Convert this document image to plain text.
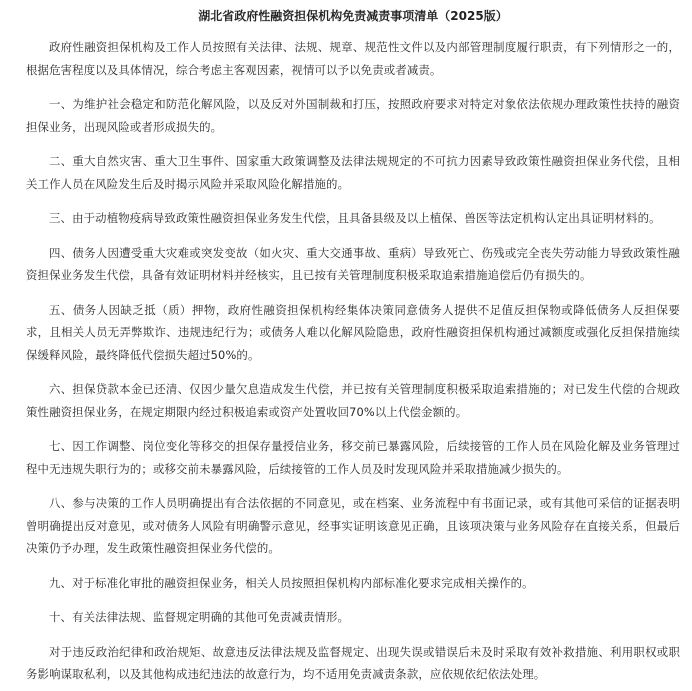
湖北省政府性融资担保机构免责减责事项清单（2025版）

政府性融资担保机构及工作人员按照有关法律、法规、规章、规范性文件以及内部管理制度履行职责，有下列情形之一的，根据危害程度以及具体情况，综合考虑主客观因素，视情可以予以免责或者减责。

一、为维护社会稳定和防范化解风险，以及反对外国制裁和打压，按照政府要求对特定对象依法依规办理政策性扶持的融资担保业务，出现风险或者形成损失的。

二、重大自然灾害、重大卫生事件、国家重大政策调整及法律法规规定的不可抗力因素导致政策性融资担保业务代偿，且相关工作人员在风险发生后及时揭示风险并采取风险化解措施的。

三、由于动植物疫病导致政策性融资担保业务发生代偿，且具备县级及以上植保、兽医等法定机构认定出具证明材料的。

四、债务人因遭受重大灾难或突发变故（如火灾、重大交通事故、重病）导致死亡、伤残或完全丧失劳动能力导致政策性融资担保业务发生代偿，具备有效证明材料并经核实，且已按有关管理制度积极采取追索措施追偿后仍有损失的。

五、债务人因缺乏抵（质）押物，政府性融资担保机构经集体决策同意债务人提供不足值反担保物或降低债务人反担保要求，且相关人员无弄弊欺诈、违规违纪行为；或债务人难以化解风险隐患，政府性融资担保机构通过减额度或强化反担保措施续保缓释风险，最终降低代偿损失超过50%的。

六、担保贷款本金已还清、仅因少量欠息造成发生代偿，并已按有关管理制度积极采取追索措施的；对已发生代偿的合规政策性融资担保业务，在规定期限内经过积极追索或资产处置收回70%以上代偿金额的。

七、因工作调整、岗位变化等移交的担保存量授信业务，移交前已暴露风险，后续接管的工作人员在风险化解及业务管理过程中无违规失职行为的；或移交前未暴露风险，后续接管的工作人员及时发现风险并采取措施减少损失的。

八、参与决策的工作人员明确提出有合法依据的不同意见，或在档案、业务流程中有书面记录，或有其他可采信的证据表明曾明确提出反对意见，或对债务人风险有明确警示意见，经事实证明该意见正确，且该项决策与业务风险存在直接关系，但最后决策仍予办理，发生政策性融资担保业务代偿的。

九、对于标准化审批的融资担保业务，相关人员按照担保机构内部标准化要求完成相关操作的。

十、有关法律法规、监督规定明确的其他可免责减责情形。

对于违反政治纪律和政治规矩、故意违反法律法规及监督规定、出现失误或错误后未及时采取有效补救措施、利用职权或职务影响谋取私利，以及其他构成违纪违法的故意行为，均不适用免责减责条款，应依规依纪依法处理。
